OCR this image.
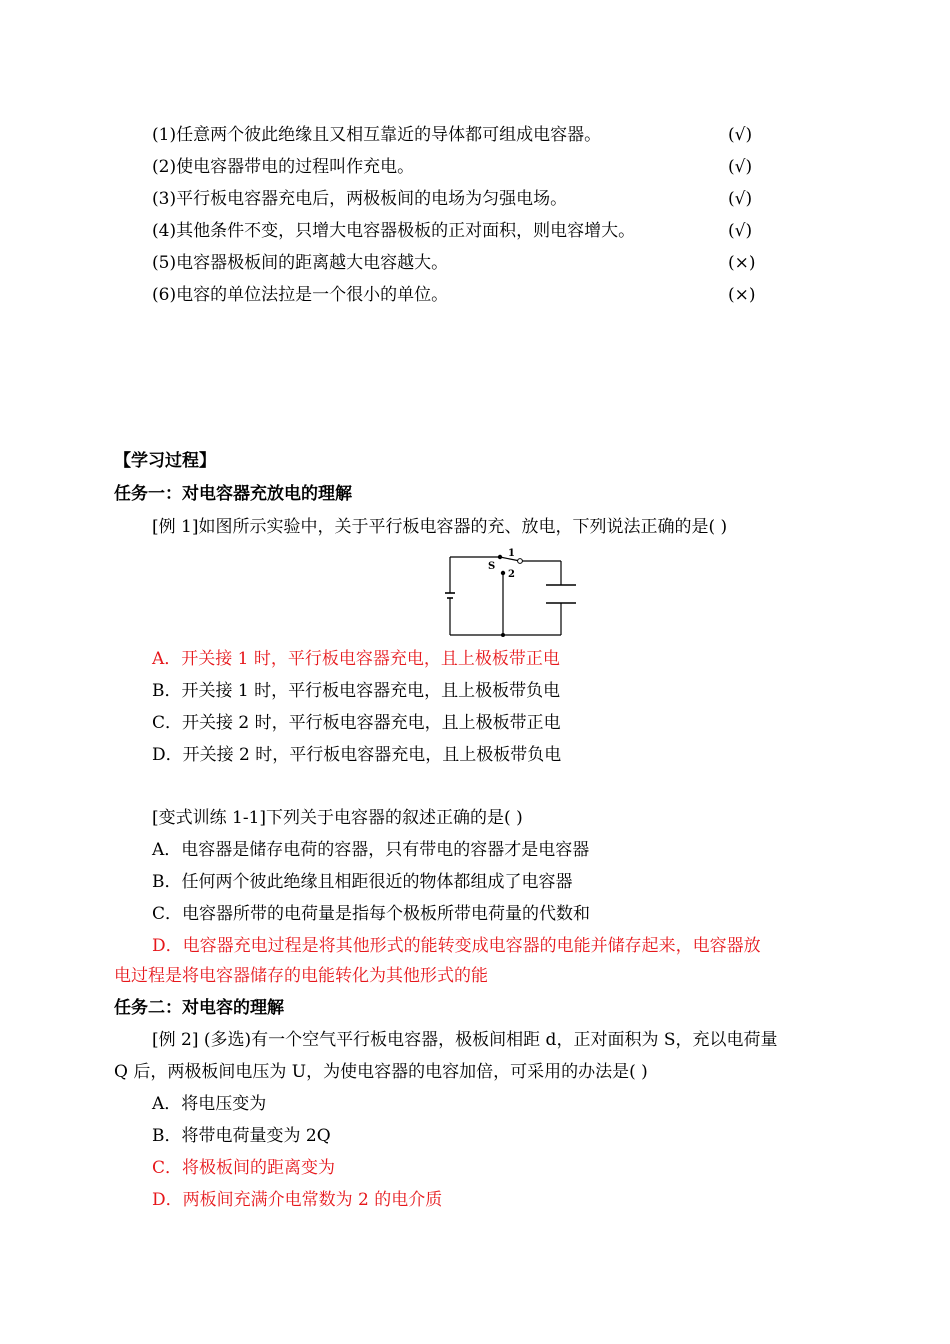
(1)任意两个彼此绝缘且又相互靠近的导体都可组成电容器。	(√)
(2)使电容器带电的过程叫作充电。	(√)
(3)平行板电容器充电后，两极板间的电场为匀强电场。	(√)
(4)其他条件不变，只增大电容器极板的正对面积，则电容增大。	(√)
(5)电容器极板间的距离越大电容越大。	(×)
(6)电容的单位法拉是一个很小的单位。	(×)
【学习过程】
任务一：对电容器充放电的理解
[例 1]如图所示实验中，关于平行板电容器的充、放电，下列说法正确的是( )
1
S
2
A．开关接 1 时，平行板电容器充电，且上极板带正电
B．开关接 1 时，平行板电容器充电，且上极板带负电
C．开关接 2 时，平行板电容器充电，且上极板带正电
D．开关接 2 时，平行板电容器充电，且上极板带负电
[变式训练 1-1]下列关于电容器的叙述正确的是( )
A．电容器是储存电荷的容器，只有带电的容器才是电容器
B．任何两个彼此绝缘且相距很近的物体都组成了电容器
C．电容器所带的电荷量是指每个极板所带电荷量的代数和
D．电容器充电过程是将其他形式的能转变成电容器的电能并储存起来，电容器放
电过程是将电容器储存的电能转化为其他形式的能
任务二：对电容的理解
[例 2] (多选)有一个空气平行板电容器，极板间相距 d，正对面积为 S，充以电荷量
Q 后，两极板间电压为 U，为使电容器的电容加倍，可采用的办法是( )
A．将电压变为
B．将带电荷量变为 2Q
C．将极板间的距离变为
D．两板间充满介电常数为 2 的电介质
